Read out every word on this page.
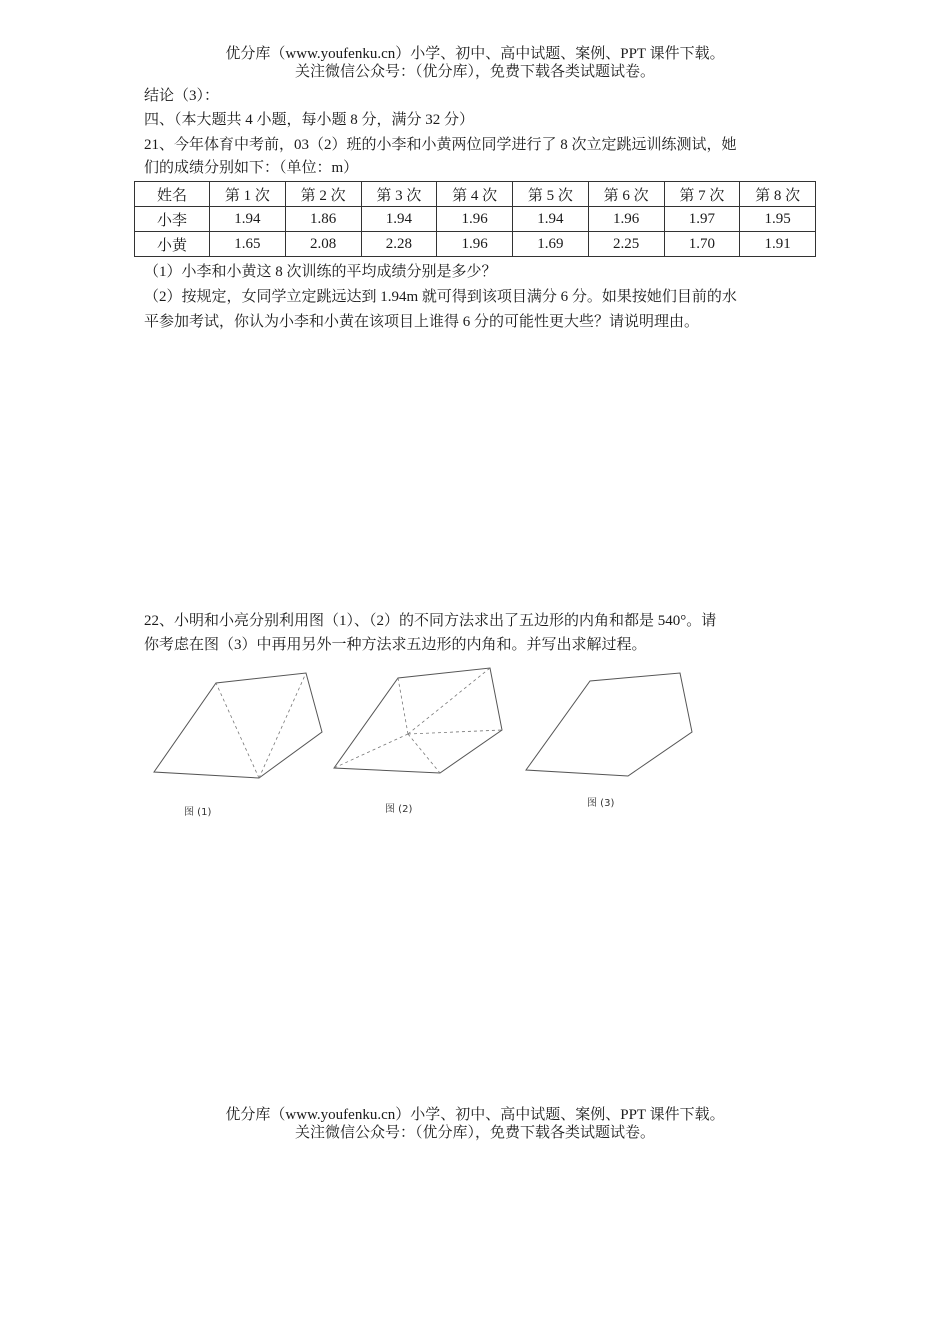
优分库（www.youfenku.cn）小学、初中、高中试题、案例、PPT 课件下载。
关注微信公众号：（优分库），免费下载各类试题试卷。
结论（3）：
四、（本大题共 4 小题，每小题 8 分，满分 32 分）
21、今年体育中考前，03（2）班的小李和小黄两位同学进行了 8 次立定跳远训练测试，她
们的成绩分别如下：（单位：m）
姓名	第 1 次	第 2 次	第 3 次	第 4 次	第 5 次	第 6 次	第 7 次	第 8 次
小李	1.94	1.86	1.94	1.96	1.94	1.96	1.97	1.95
小黄	1.65	2.08	2.28	1.96	1.69	2.25	1.70	1.91
（1）小李和小黄这 8 次训练的平均成绩分别是多少？
（2）按规定，女同学立定跳远达到 1.94m 就可得到该项目满分 6 分。如果按她们目前的水
平参加考试，你认为小李和小黄在该项目上谁得 6 分的可能性更大些？请说明理由。
22、小明和小亮分别利用图（1）、（2）的不同方法求出了五边形的内角和都是 540°。请
你考虑在图（3）中再用另外一种方法求五边形的内角和。并写出求解过程。
图 (1)	图 (2)
图 (3)
优分库（www.youfenku.cn）小学、初中、高中试题、案例、PPT 课件下载。
关注微信公众号：（优分库），免费下载各类试题试卷。
